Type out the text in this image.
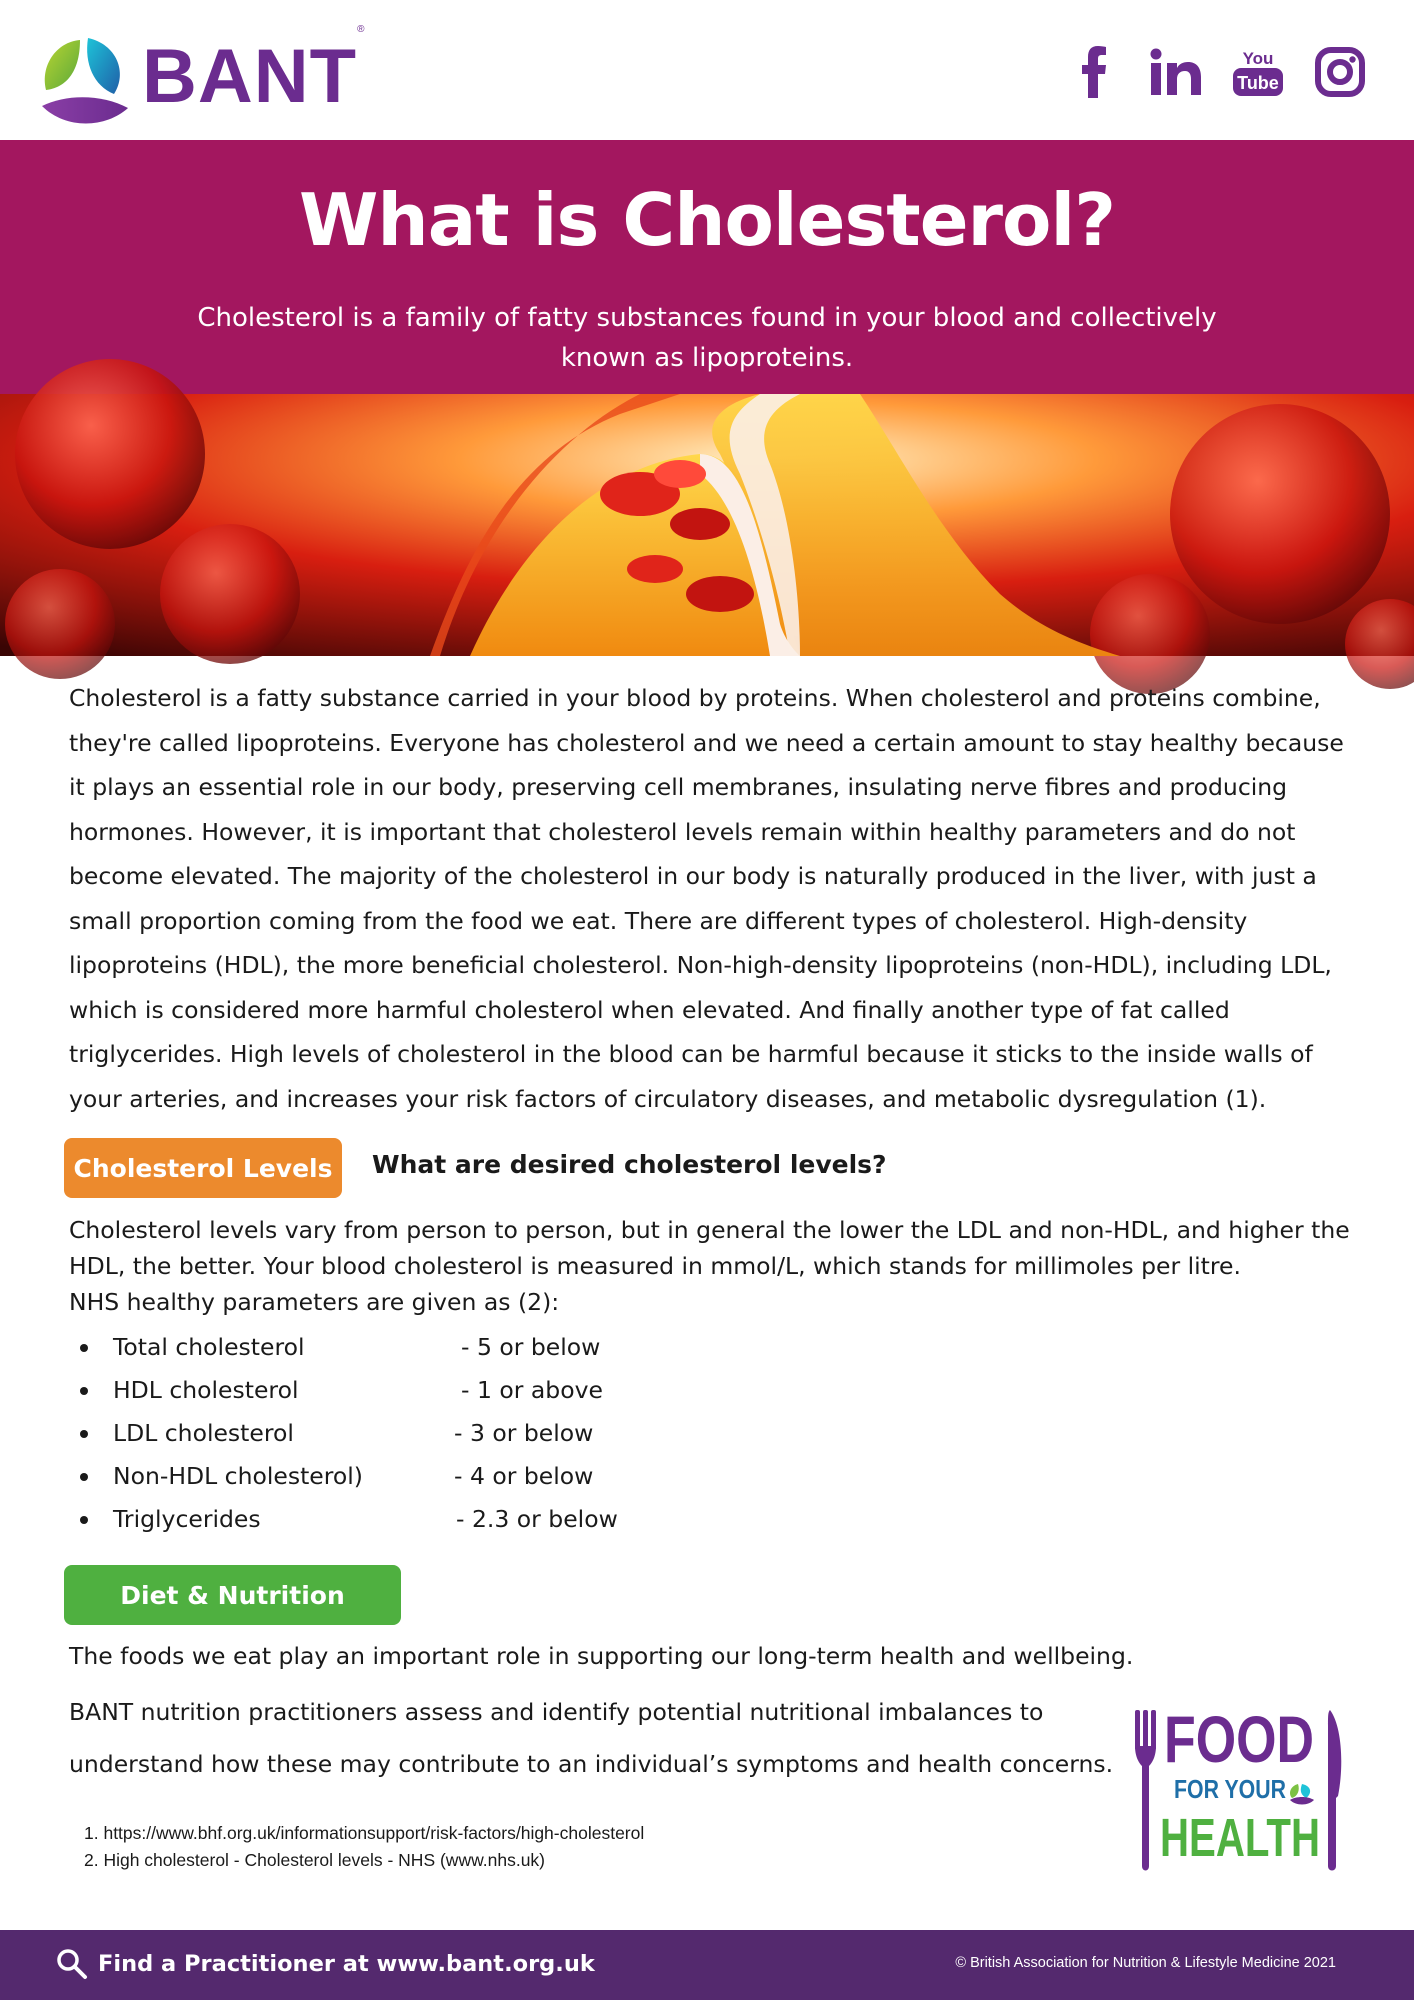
BANT®
You
Tube
What is Cholesterol?

Cholesterol is a family of fatty substances found in your blood and collectively known as lipoproteins.

Cholesterol is a fatty substance carried in your blood by proteins. When cholesterol and proteins combine, they're called lipoproteins. Everyone has cholesterol and we need a certain amount to stay healthy because it plays an essential role in our body, preserving cell membranes, insulating nerve fibres and producing hormones. However, it is important that cholesterol levels remain within healthy parameters and do not become elevated. The majority of the cholesterol in our body is naturally produced in the liver, with just a small proportion coming from the food we eat. There are different types of cholesterol. High-density lipoproteins (HDL), the more beneficial cholesterol. Non-high-density lipoproteins (non-HDL), including LDL, which is considered more harmful cholesterol when elevated. And finally another type of fat called triglycerides. High levels of cholesterol in the blood can be harmful because it sticks to the inside walls of your arteries, and increases your risk factors of circulatory diseases, and metabolic dysregulation (1).

Cholesterol Levels	What are desired cholesterol levels?

Cholesterol levels vary from person to person, but in general the lower the LDL and non-HDL, and higher the HDL, the better. Your blood cholesterol is measured in mmol/L, which stands for millimoles per litre.
NHS healthy parameters are given as (2):
Total cholesterol	- 5 or below
HDL cholesterol	- 1 or above
LDL cholesterol	- 3 or below
Non-HDL cholesterol)	- 4 or below
Triglycerides	- 2.3 or below
Diet & Nutrition

The foods we eat play an important role in supporting our long-term health and wellbeing.

BANT nutrition practitioners assess and identify potential nutritional imbalances to understand how these may contribute to an individual’s symptoms and health concerns.

1. https://www.bhf.org.uk/informationsupport/risk-factors/high-cholesterol
2. High cholesterol - Cholesterol levels - NHS (www.nhs.uk)
FOOD
FOR YOUR
HEALTH
Find a Practitioner at www.bant.org.uk	© British Association for Nutrition & Lifestyle Medicine 2021
